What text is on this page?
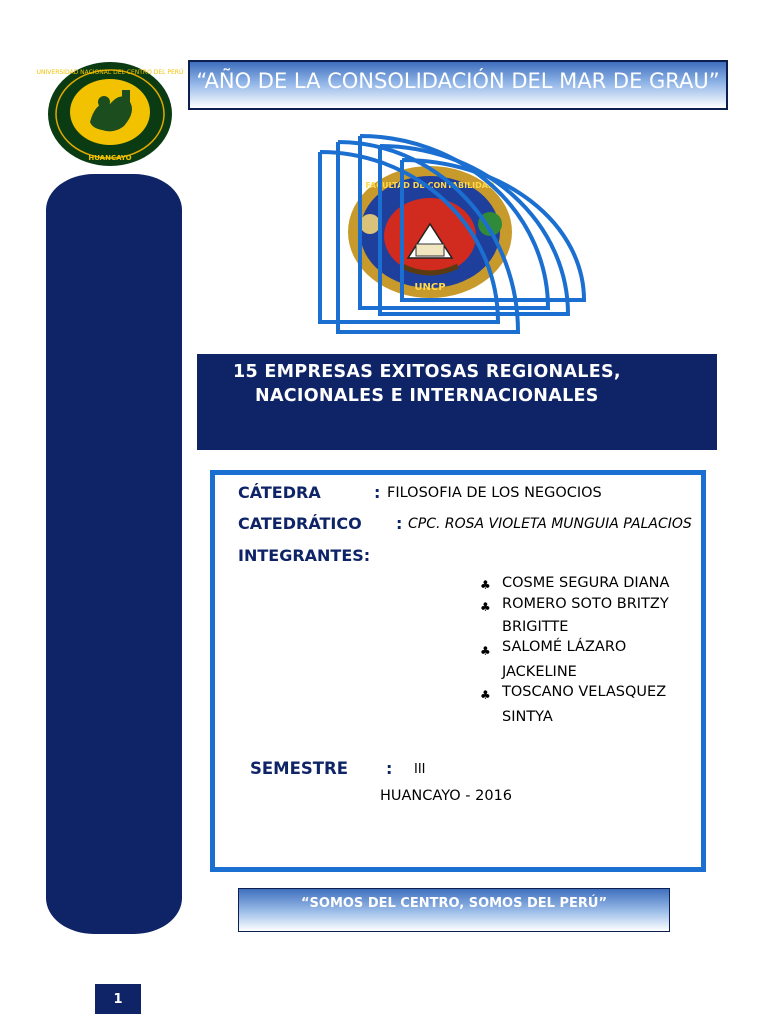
“AÑO DE LA CONSOLIDACIÓN DEL MAR DE GRAU”
UNIVERSIDAD NACIONAL DEL CENTRO DEL PERÚ
HUANCAYO
FACULTAD DE CONTABILIDAD
UNCP
15 EMPRESAS EXITOSAS REGIONALES,
NACIONALES E INTERNACIONALES
CÁTEDRA	: FILOSOFIA DE LOS NEGOCIOS
CATEDRÁTICO : CPC. ROSA VIOLETA MUNGUIA PALACIOS
INTEGRANTES:
♣ COSME SEGURA DIANA
♣ ROMERO SOTO BRITZY
BRIGITTE
♣ SALOMÉ LÁZARO
JACKELINE
♣ TOSCANO VELASQUEZ
SINTYA
SEMESTRE : III
HUANCAYO - 2016
“SOMOS DEL CENTRO, SOMOS DEL PERÚ”
1
